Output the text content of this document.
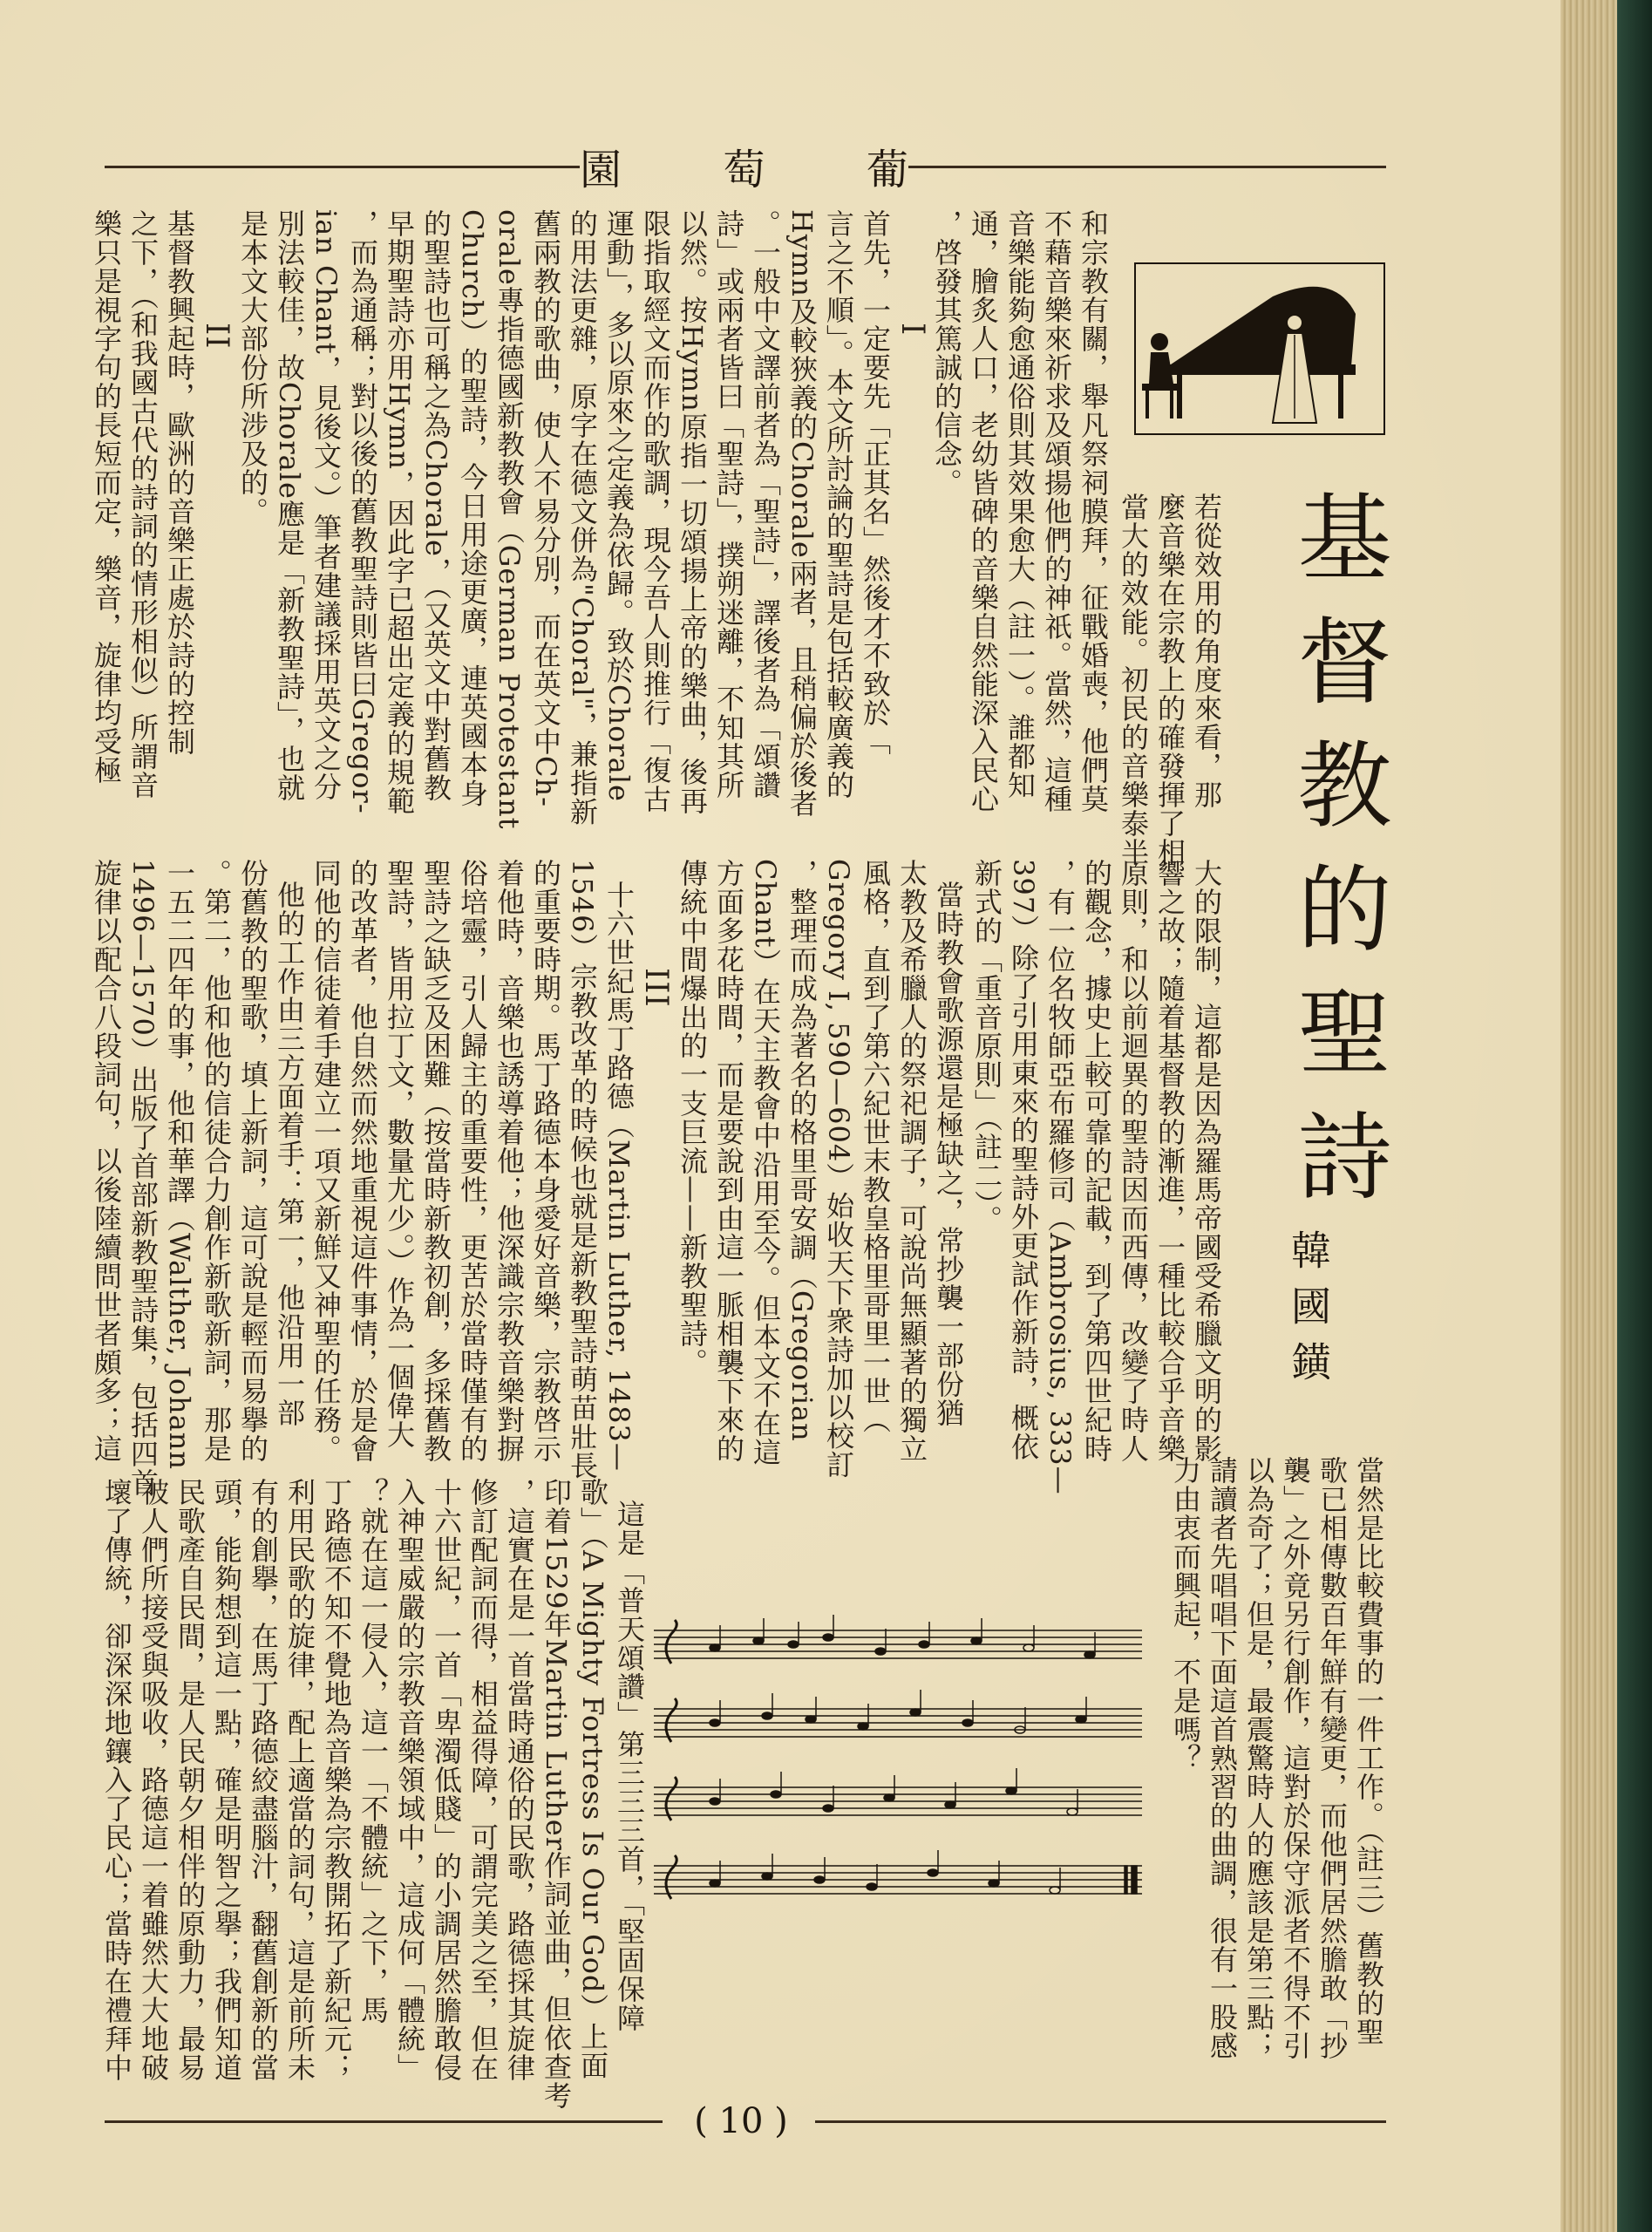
園 萄 葡
基督教的聖詩
韓國鐄
若從效用的角度來看，那
麼音樂在宗教上的確發揮了相
當大的效能。初民的音樂泰半
和宗教有關，舉凡祭祠膜拜，征戰婚喪，他們莫
不藉音樂來祈求及頌揚他們的神祇。當然，這種
音樂能夠愈通俗則其效果愈大（註一）。誰都知
通，膾炙人口，老幼皆碑的音樂自然能深入民心
，啓發其篤誠的信念。
I
首先，一定要先「正其名」然後才不致於「
言之不順」。本文所討論的聖詩是包括較廣義的
Hymn及較狹義的Chorale兩者，且稍偏於後者
。一般中文譯前者為「聖詩」，譯後者為「頌讚
詩」或兩者皆曰「聖詩」，撲朔迷離，不知其所
以然。按Hymn原指一切頌揚上帝的樂曲，後再
限指取經文而作的歌調，現今吾人則推行「復古
運動」，多以原來之定義為依歸。致於Chorale
的用法更雜，原字在德文併為"Choral"，兼指新
舊兩教的歌曲，使人不易分別，而在英文中Ch-
orale專指德國新教教會（German Protestant
Church）的聖詩，今日用途更廣，連英國本身
的聖詩也可稱之為Chorale，（又英文中對舊教
早期聖詩亦用Hymn，因此字已超出定義的規範
，而為通稱；對以後的舊教聖詩則皆曰Gregor-
ian Chant，見後文。）筆者建議採用英文之分
別法較佳，故Chorale應是「新教聖詩」，也就
是本文大部份所涉及的。
II
基督教興起時，歐洲的音樂正處於詩的控制
之下，（和我國古代的詩詞的情形相似）所謂音
樂只是視字句的長短而定，樂音，旋律均受極
大的限制，這都是因為羅馬帝國受希臘文明的影
響之故；隨着基督教的漸進，一種比較合乎音樂
原則，和以前迴異的聖詩因而西傳，改變了時人
的觀念，據史上較可靠的記載，到了第四世紀時
，有一位名牧師亞布羅修司（Ambrosius, 333—
397）除了引用東來的聖詩外更試作新詩，概依
新式的「重音原則」（註二）。
當時教會歌源還是極缺之，常抄襲一部份猶
太教及希臘人的祭祀調子，可說尚無顯著的獨立
風格，直到了第六紀世末教皇格里哥里一世（
Gregory I, 590—604）始收天下衆詩加以校訂
，整理而成為著名的格里哥安調（Gregorian
Chant）在天主教會中沿用至今。但本文不在這
方面多花時間，而是要說到由這一脈相襲下來的
傳統中間爆出的一支巨流——新教聖詩。
III
十六世紀馬丁路德（Martin Luther, 1483—
1546）宗教改革的時候也就是新教聖詩萌苗壯長
的重要時期。馬丁路德本身愛好音樂，宗教啓示
着他時，音樂也誘導着他；他深識宗教音樂對摒
俗培靈，引人歸主的重要性，更苦於當時僅有的
聖詩之缺乏及困難（按當時新教初創，多採舊教
聖詩，皆用拉丁文，數量尤少。）作為一個偉大
的改革者，他自然而然地重視這件事情，於是會
同他的信徒着手建立一項又新鮮又神聖的任務。
他的工作由三方面着手：第一，他沿用一部
份舊教的聖歌，填上新詞，這可說是輕而易擧的
。第二，他和他的信徒合力創作新歌新詞，那是
一五二四年的事，他和華譯（Walther, Johann
1496—1570）出版了首部新教聖詩集，包括四首
旋律以配合八段詞句，以後陸續問世者頗多；這
當然是比較費事的一件工作。（註三）舊教的聖
歌已相傳數百年鮮有變更，而他們居然膽敢「抄
襲」之外竟另行創作，這對於保守派者不得不引
以為奇了；但是，最震驚時人的應該是第三點；
請讀者先唱唱下面這首熟習的曲調，很有一股感
力由衷而興起，不是嗎？
這是「普天頌讚」第三三三首，「堅固保障
歌」（A Mighty Fortress Is Our God）上面
印着1529年Martin Luther作詞並曲，但依查考
，這實在是一首當時通俗的民歌，路德採其旋律
修訂配詞而得，相益得障，可謂完美之至，但在
十六世紀，一首「卑濁低賤」的小調居然膽敢侵
入神聖威嚴的宗教音樂領域中，這成何「體統」
？就在這一侵入，這一「不體統」之下，馬
丁路德不知不覺地為音樂為宗教開拓了新紀元；
利用民歌的旋律，配上適當的詞句，這是前所未
有的創擧，在馬丁路德絞盡腦汁，翻舊創新的當
頭，能夠想到這一點，確是明智之擧；我們知道
民歌產自民間，是人民朝夕相伴的原動力，最易
被人們所接受與吸收，路德這一着雖然大大地破
壞了傳統，卻深深地鑲入了民心；當時在禮拜中
( 10 )
